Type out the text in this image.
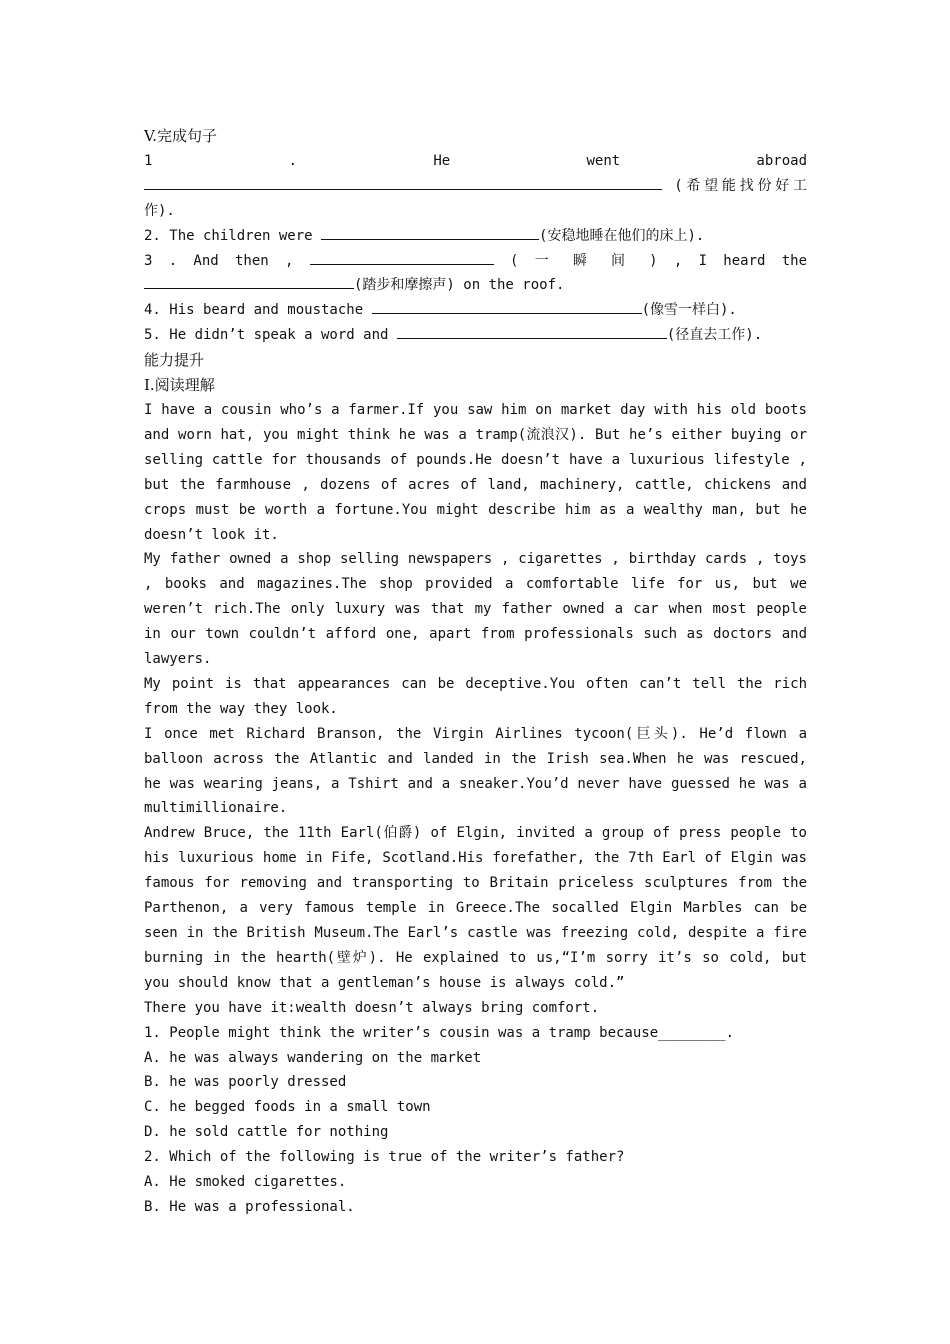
V.完成句子

1 . He went abroad

(希望能找份好工

作).

2. The children were	(安稳地睡在他们的床上).

3 . And then ,	( 一 瞬 间 ) , I heard the

(踏步和摩擦声) on the roof.

4. His beard and moustache	(像雪一样白).

5. He didn’t speak a word and	(径直去工作).

能力提升

I.阅读理解

I have a cousin who’s a farmer.If you saw him on market day with his old boots and worn hat, you might think he was a tramp(流浪汉). But he’s either buying or selling cattle for thousands of pounds.He doesn’t have a luxurious lifestyle , but the farmhouse , dozens of acres of land, machinery, cattle, chickens and crops must be worth a fortune.You might describe him as a wealthy man, but he doesn’t look it.

My father owned a shop selling newspapers , cigarettes , birthday cards , toys , books and magazines.The shop provided a comfortable life for us, but we weren’t rich.The only luxury was that my father owned a car when most people in our town couldn’t afford one, apart from professionals such as doctors and lawyers.

My point is that appearances can be deceptive.You often can’t tell the rich from the way they look.

I once met Richard Branson, the Virgin Airlines tycoon(巨头). He’d flown a balloon across the Atlantic and landed in the Irish sea.When he was rescued, he was wearing jeans, a Tshirt and a sneaker.You’d never have guessed he was a multimillionaire.

Andrew Bruce, the 11th Earl(伯爵) of Elgin, invited a group of press people to his luxurious home in Fife, Scotland.His forefather, the 7th Earl of Elgin was famous for removing and transporting to Britain priceless sculptures from the Parthenon, a very famous temple in Greece.The socalled Elgin Marbles can be seen in the British Museum.The Earl’s castle was freezing cold, despite a fire burning in the hearth(壁炉). He explained to us,“I’m sorry it’s so cold, but you should know that a gentleman’s house is always cold.”

There you have it:wealth doesn’t always bring comfort.

1. People might think the writer’s cousin was a tramp because________.

A. he was always wandering on the market

B. he was poorly dressed

C. he begged foods in a small town

D. he sold cattle for nothing

2. Which of the following is true of the writer’s father?

A. He smoked cigarettes.

B. He was a professional.
